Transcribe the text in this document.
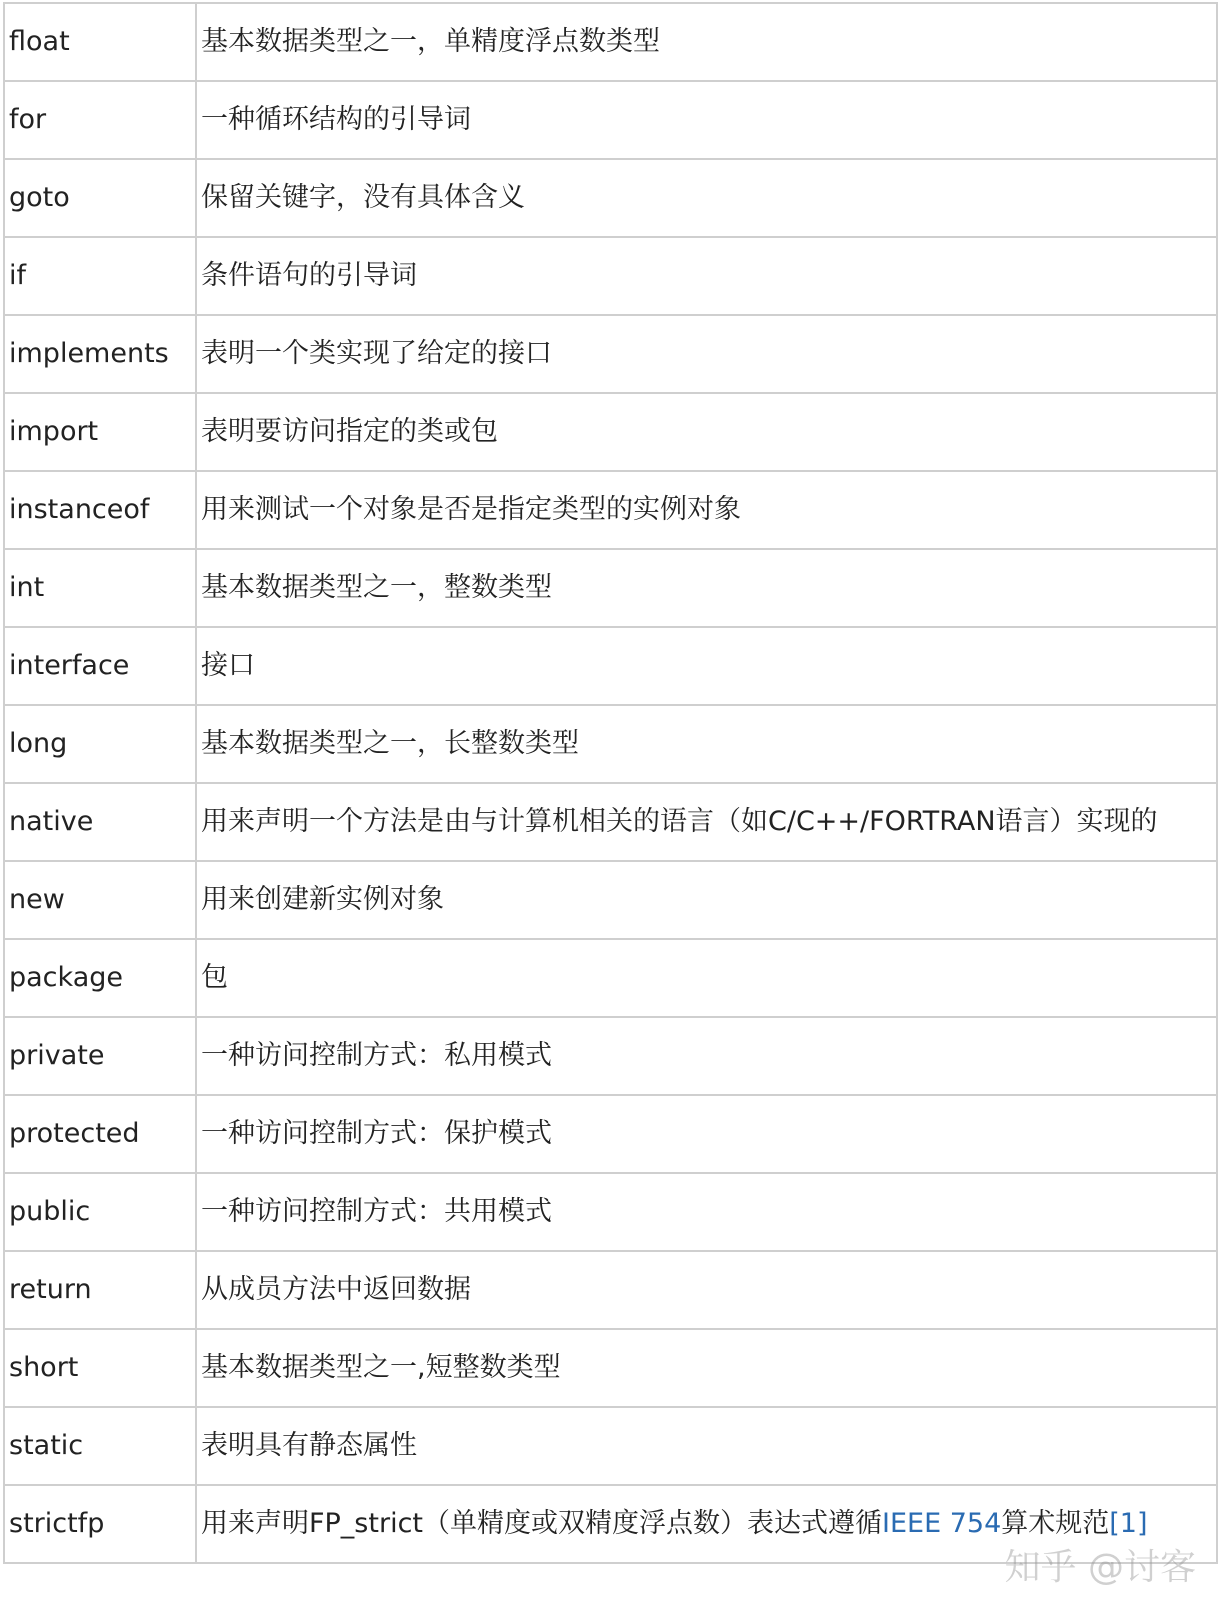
float	基本数据类型之一，单精度浮点数类型
for	一种循环结构的引导词
goto	保留关键字，没有具体含义
if	条件语句的引导词
implements	表明一个类实现了给定的接口
import	表明要访问指定的类或包
instanceof	用来测试一个对象是否是指定类型的实例对象
int	基本数据类型之一，整数类型
interface	接口
long	基本数据类型之一，长整数类型
native	用来声明一个方法是由与计算机相关的语言（如C/C++/FORTRAN语言）实现的
new	用来创建新实例对象
package	包
private	一种访问控制方式：私用模式
protected	一种访问控制方式：保护模式
public	一种访问控制方式：共用模式
return	从成员方法中返回数据
short	基本数据类型之一,短整数类型
static	表明具有静态属性
strictfp	用来声明FP_strict（单精度或双精度浮点数）表达式遵循IEEE 754算术规范[1]
知乎 @讨客
